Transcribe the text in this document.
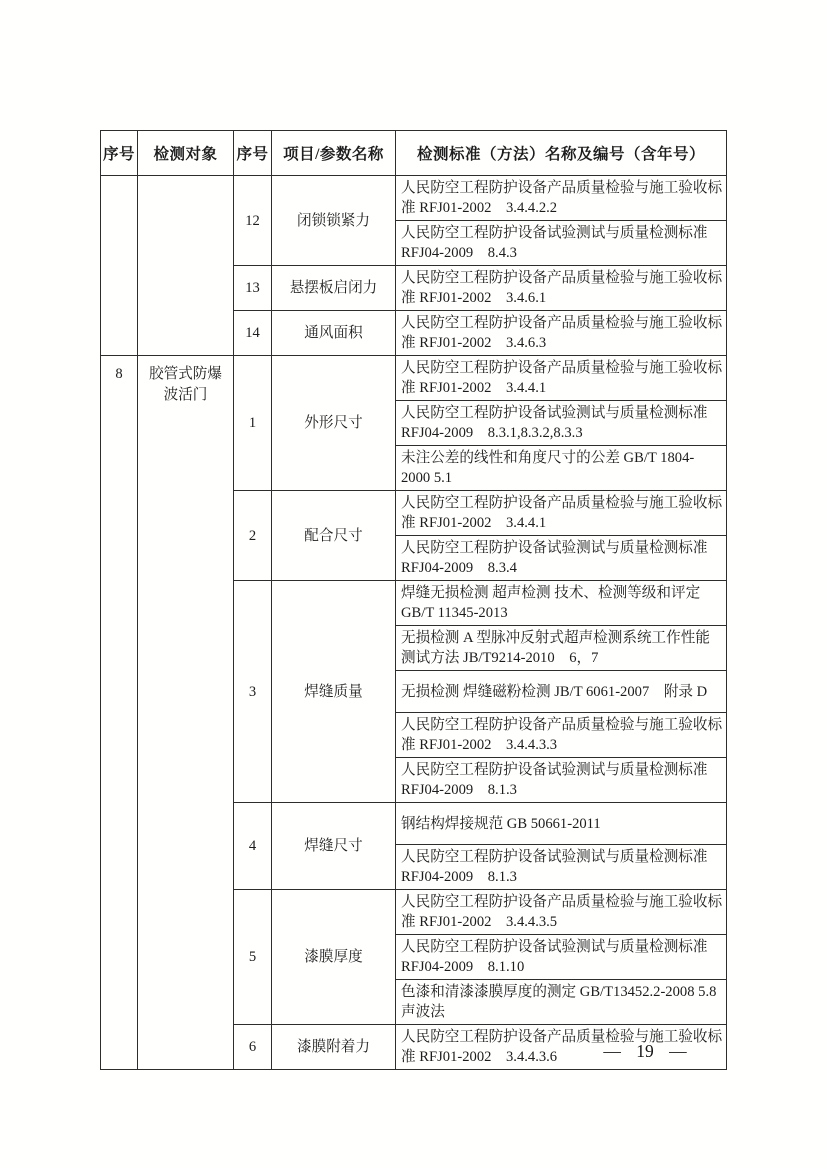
序号	检测对象	序号	项目/参数名称	检测标准（方法）名称及编号（含年号）
		12	闭锁锁紧力	人民防空工程防护设备产品质量检验与施工验收标准 RFJ01-2002　3.4.4.2.2
				人民防空工程防护设备试验测试与质量检测标准 RFJ04-2009　8.4.3
		13	悬摆板启闭力	人民防空工程防护设备产品质量检验与施工验收标准 RFJ01-2002　3.4.6.1
		14	通风面积	人民防空工程防护设备产品质量检验与施工验收标准 RFJ01-2002　3.4.6.3
8	胶管式防爆波活门	1	外形尺寸	人民防空工程防护设备产品质量检验与施工验收标准 RFJ01-2002　3.4.4.1
				人民防空工程防护设备试验测试与质量检测标准 RFJ04-2009　8.3.1,8.3.2,8.3.3
				未注公差的线性和角度尺寸的公差 GB/T 1804-2000 5.1
		2	配合尺寸	人民防空工程防护设备产品质量检验与施工验收标准 RFJ01-2002　3.4.4.1
				人民防空工程防护设备试验测试与质量检测标准 RFJ04-2009　8.3.4
		3	焊缝质量	焊缝无损检测 超声检测 技术、检测等级和评定 GB/T 11345-2013
				无损检测 A 型脉冲反射式超声检测系统工作性能测试方法 JB/T9214-2010　6，7
				无损检测 焊缝磁粉检测 JB/T 6061-2007　附录 D
				人民防空工程防护设备产品质量检验与施工验收标准 RFJ01-2002　3.4.4.3.3
				人民防空工程防护设备试验测试与质量检测标准 RFJ04-2009　8.1.3
		4	焊缝尺寸	钢结构焊接规范 GB 50661-2011
				人民防空工程防护设备试验测试与质量检测标准 RFJ04-2009　8.1.3
		5	漆膜厚度	人民防空工程防护设备产品质量检验与施工验收标准 RFJ01-2002　3.4.4.3.5
				人民防空工程防护设备试验测试与质量检测标准 RFJ04-2009　8.1.10
				色漆和清漆漆膜厚度的测定 GB/T13452.2-2008 5.8 声波法
		6	漆膜附着力	人民防空工程防护设备产品质量检验与施工验收标准 RFJ01-2002　3.4.4.3.6	— 19 —
